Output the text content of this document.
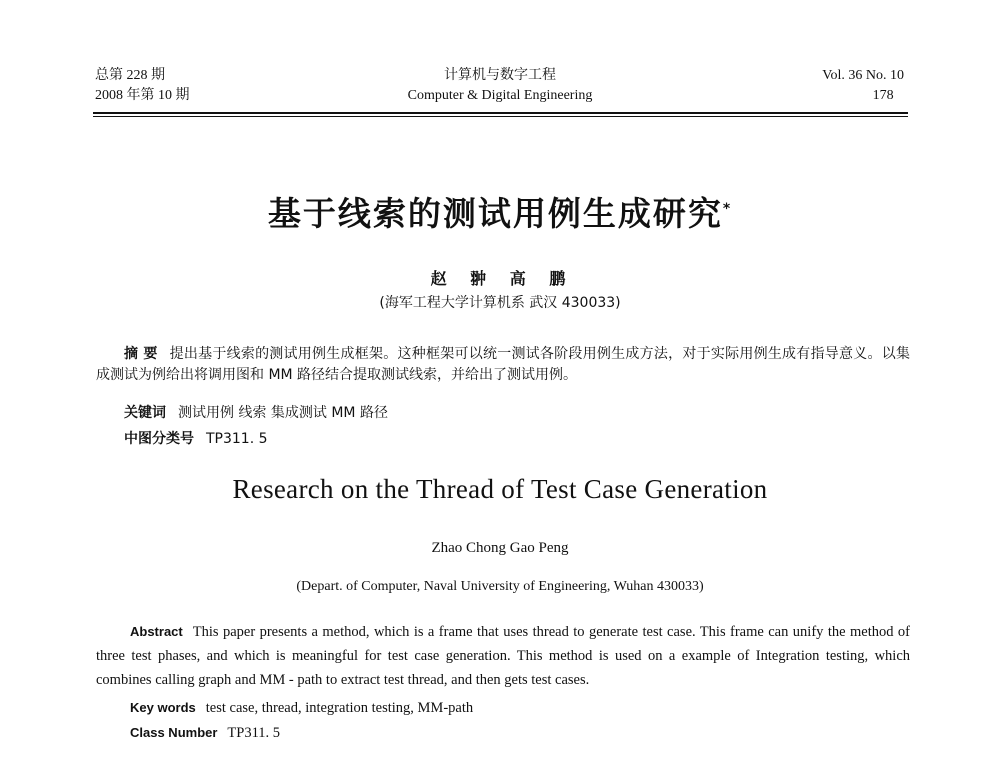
总第 228 期
2008 年第 10 期
计算机与数字工程
Computer & Digital Engineering
Vol. 36 No. 10
178
基于线索的测试用例生成研究*
赵 翀 高 鹏
(海军工程大学计算机系 武汉 430033)
摘 要 提出基于线索的测试用例生成框架。这种框架可以统一测试各阶段用例生成方法，对于实际用例生成有指导意义。以集成测试为例给出将调用图和 MM 路径结合提取测试线索，并给出了测试用例。
关键词 测试用例 线索 集成测试 MM 路径
中图分类号 TP311. 5
Research on the Thread of Test Case Generation
Zhao Chong Gao Peng
(Depart. of Computer, Naval University of Engineering, Wuhan 430033)
Abstract This paper presents a method, which is a frame that uses thread to generate test case. This frame can unify the method of three test phases, and which is meaningful for test case generation. This method is used on a example of Integration testing, which combines calling graph and MM - path to extract test thread, and then gets test cases.
Key words test case, thread, integration testing, MM-path
Class Number TP311. 5
